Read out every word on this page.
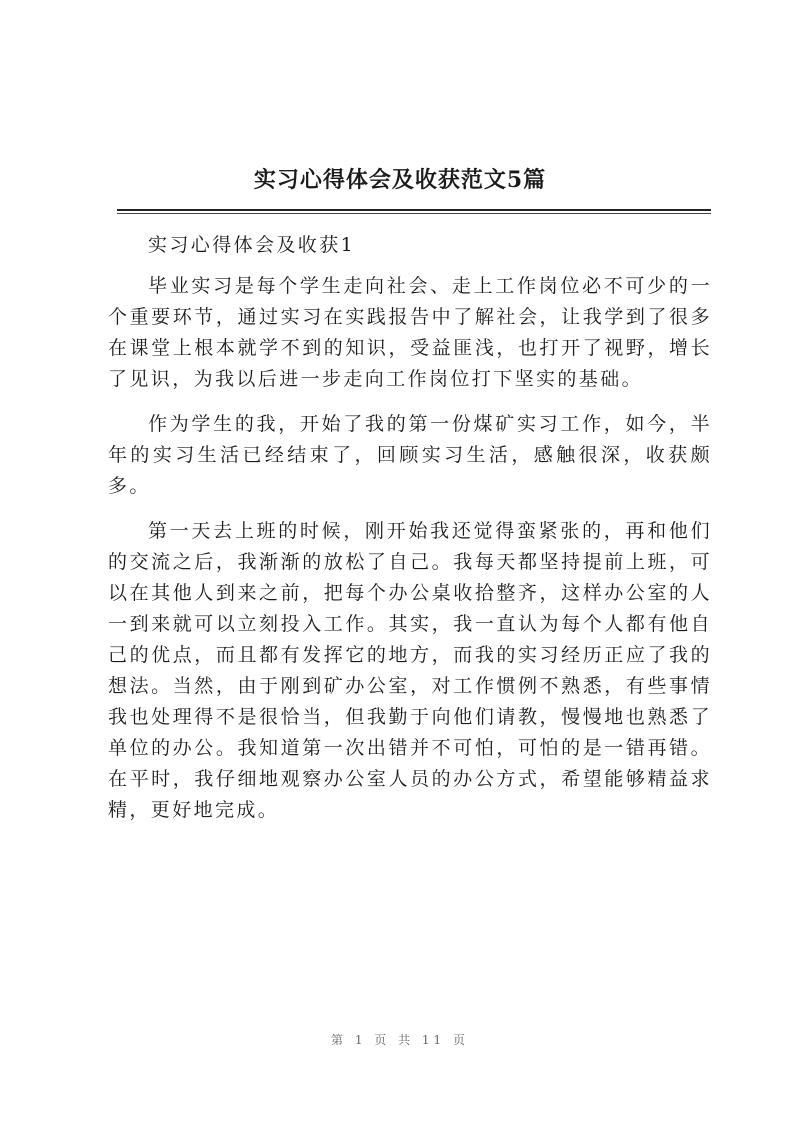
实习心得体会及收获范文5篇

实习心得体会及收获1

毕业实习是每个学生走向社会、走上工作岗位必不可少的一个重要环节，通过实习在实践报告中了解社会，让我学到了很多在课堂上根本就学不到的知识，受益匪浅，也打开了视野，增长了见识，为我以后进一步走向工作岗位打下坚实的基础。

作为学生的我，开始了我的第一份煤矿实习工作，如今，半年的实习生活已经结束了，回顾实习生活，感触很深，收获颇多。

第一天去上班的时候，刚开始我还觉得蛮紧张的，再和他们的交流之后，我渐渐的放松了自己。我每天都坚持提前上班，可以在其他人到来之前，把每个办公桌收拾整齐，这样办公室的人一到来就可以立刻投入工作。其实，我一直认为每个人都有他自己的优点，而且都有发挥它的地方，而我的实习经历正应了我的想法。当然，由于刚到矿办公室，对工作惯例不熟悉，有些事情我也处理得不是很恰当，但我勤于向他们请教，慢慢地也熟悉了单位的办公。我知道第一次出错并不可怕，可怕的是一错再错。在平时，我仔细地观察办公室人员的办公方式，希望能够精益求精，更好地完成。

第 1 页 共 11 页
